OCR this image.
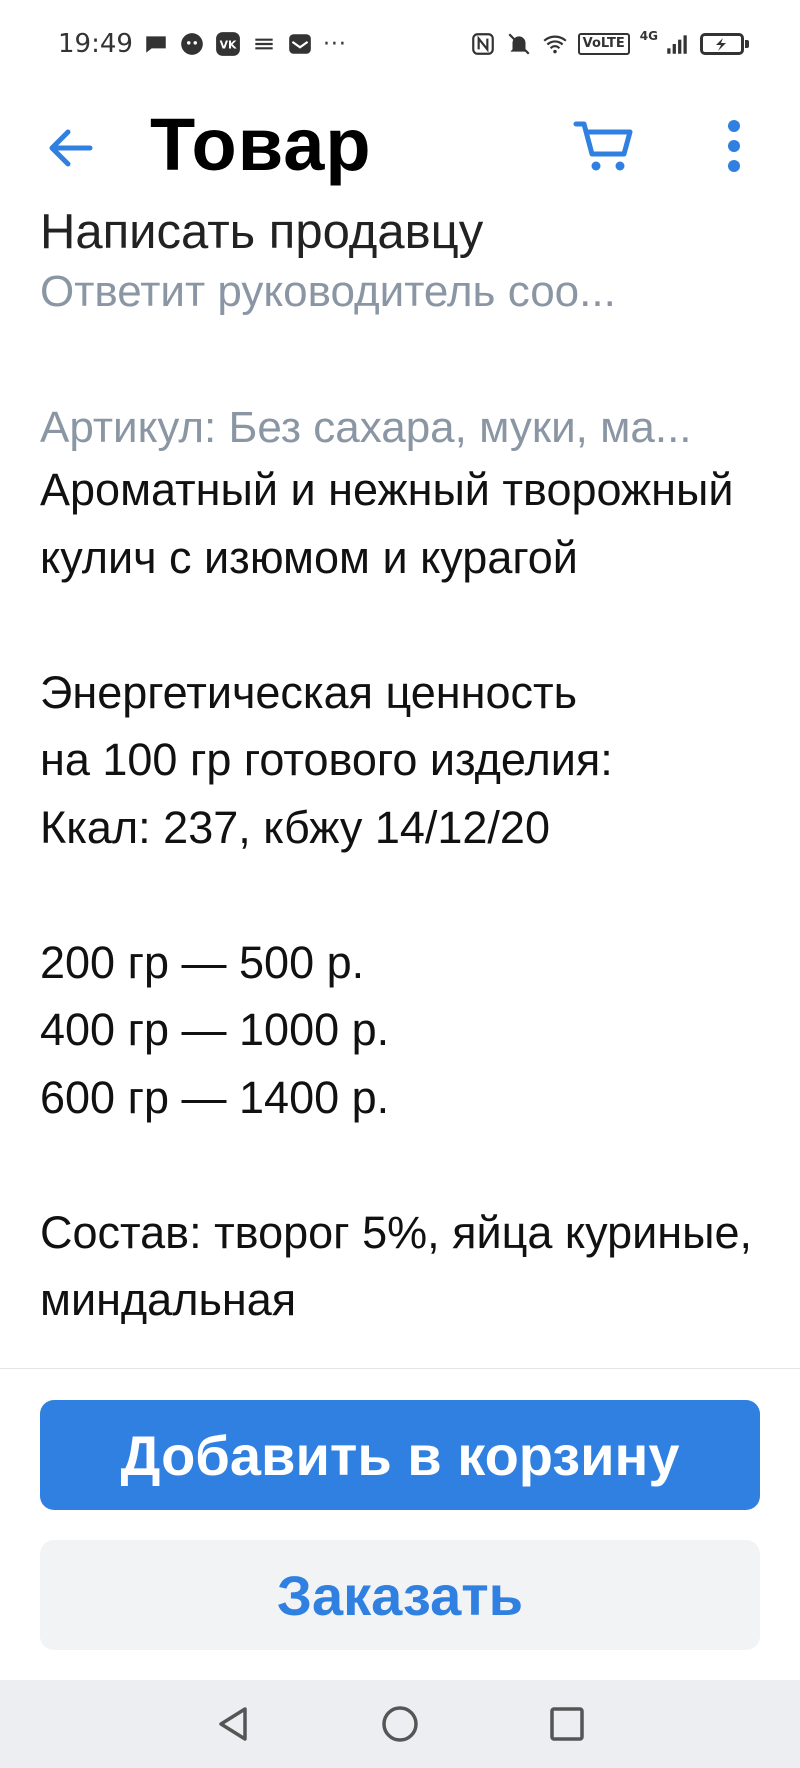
19:49	VK	···	VoLTE	4G
Товар

Написать продавцу

Ответит руководитель соо...

Артикул: Без сахара, муки, ма...

Ароматный и нежный творожный кулич с изюмом и курагой

Энергетическая ценность
на 100 гр готового изделия:
Ккал: 237, кбжу 14/12/20

200 гр — 500 р.
400 гр — 1000 р.
600 гр — 1400 р.

Состав: творог 5%, яйца куриные, миндальная

Добавить в корзину
Заказать
